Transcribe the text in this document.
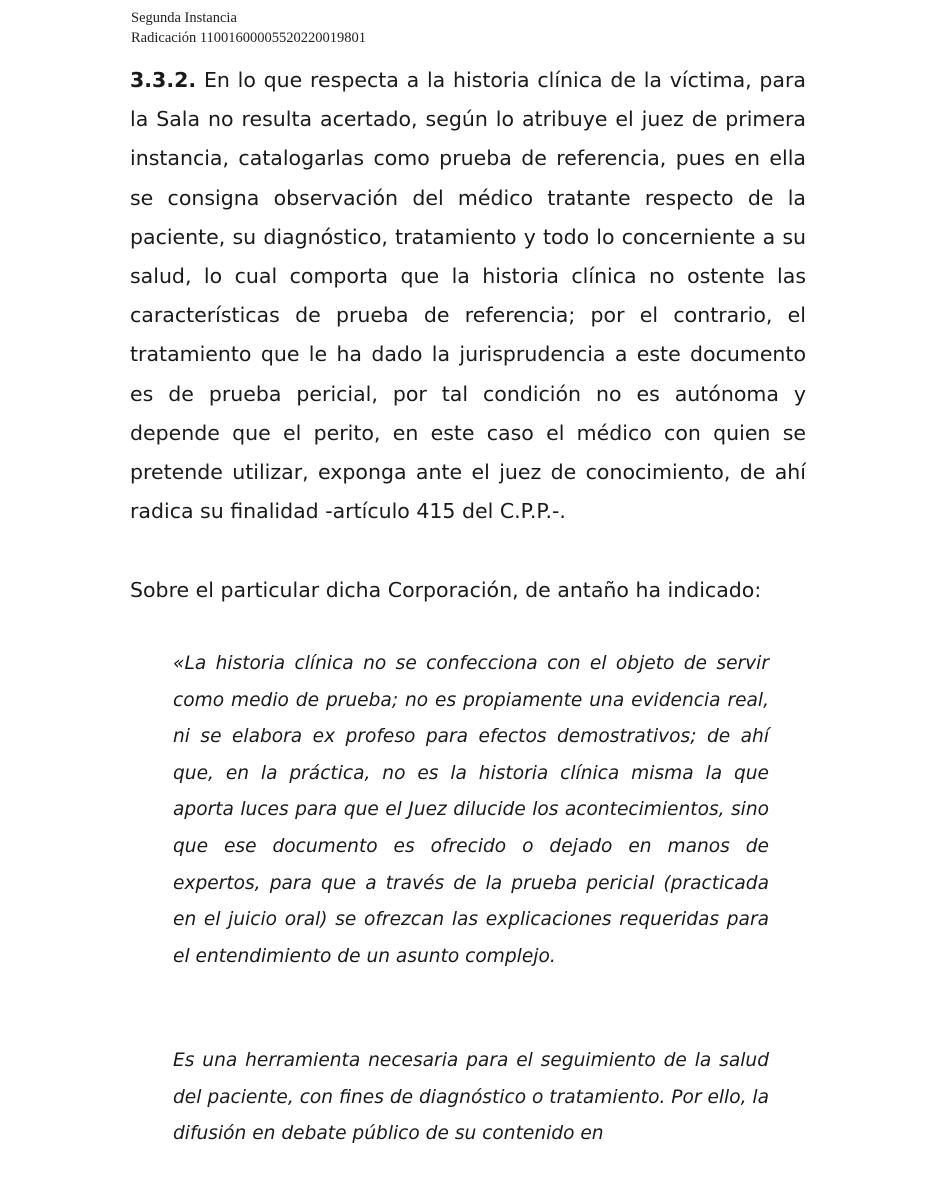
Segunda Instancia
Radicación 11001600005520220019801

3.3.2. En lo que respecta a la historia clínica de la víctima, para la Sala no resulta acertado, según lo atribuye el juez de primera instancia, catalogarlas como prueba de referencia, pues en ella se consigna observación del médico tratante respecto de la paciente, su diagnóstico, tratamiento y todo lo concerniente a su salud, lo cual comporta que la historia clínica no ostente las características de prueba de referencia; por el contrario, el tratamiento que le ha dado la jurisprudencia a este documento es de prueba pericial, por tal condición no es autónoma y depende que el perito, en este caso el médico con quien se pretende utilizar, exponga ante el juez de conocimiento, de ahí radica su finalidad -artículo 415 del C.P.P.-.

Sobre el particular dicha Corporación, de antaño ha indicado:

«La historia clínica no se confecciona con el objeto de servir como medio de prueba; no es propiamente una evidencia real, ni se elabora ex profeso para efectos demostrativos; de ahí que, en la práctica, no es la historia clínica misma la que aporta luces para que el Juez dilucide los acontecimientos, sino que ese documento es ofrecido o dejado en manos de expertos, para que a través de la prueba pericial (practicada en el juicio oral) se ofrezcan las explicaciones requeridas para el entendimiento de un asunto complejo.

Es una herramienta necesaria para el seguimiento de la salud del paciente, con fines de diagnóstico o tratamiento. Por ello, la difusión en debate público de su contenido en
